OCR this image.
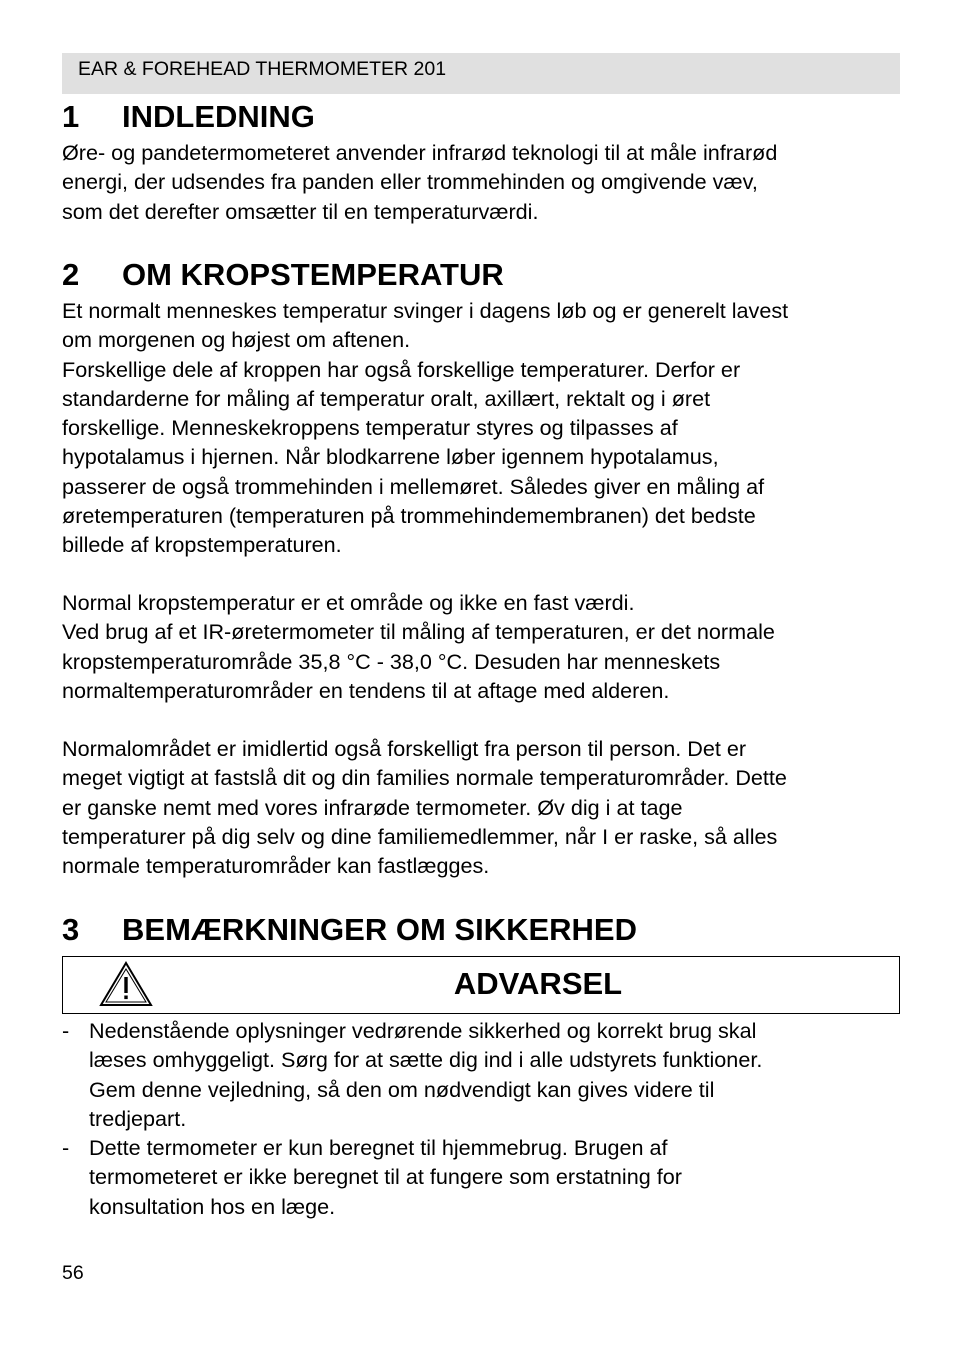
EAR & FOREHEAD THERMOMETER 201
1 INDLEDNING

Øre- og pandetermometeret anvender infrarød teknologi til at måle infrarød

energi, der udsendes fra panden eller trommehinden og omgivende væv,

som det derefter omsætter til en temperaturværdi.

2 OM KROPSTEMPERATUR

Et normalt menneskes temperatur svinger i dagens løb og er generelt lavest

om morgenen og højest om aftenen.

Forskellige dele af kroppen har også forskellige temperaturer. Derfor er

standarderne for måling af temperatur oralt, axillært, rektalt og i øret

forskellige. Menneskekroppens temperatur styres og tilpasses af

hypotalamus i hjernen. Når blodkarrene løber igennem hypotalamus,

passerer de også trommehinden i mellemøret. Således giver en måling af

øretemperaturen (temperaturen på trommehindemembranen) det bedste

billede af kropstemperaturen.

Normal kropstemperatur er et område og ikke en fast værdi.

Ved brug af et IR-øretermometer til måling af temperaturen, er det normale

kropstemperaturområde 35,8 °C - 38,0 °C. Desuden har menneskets

normaltemperaturområder en tendens til at aftage med alderen.

Normalområdet er imidlertid også forskelligt fra person til person. Det er

meget vigtigt at fastslå dit og din families normale temperaturområder. Dette

er ganske nemt med vores infrarøde termometer. Øv dig i at tage

temperaturer på dig selv og dine familiemedlemmer, når I er raske, så alles

normale temperaturområder kan fastlægges.

3 BEMÆRKNINGER OM SIKKERHED
ADVARSEL
- Nedenstående oplysninger vedrørende sikkerhed og korrekt brug skal
læses omhyggeligt. Sørg for at sætte dig ind i alle udstyrets funktioner.
Gem denne vejledning, så den om nødvendigt kan gives videre til
tredjepart.
- Dette termometer er kun beregnet til hjemmebrug. Brugen af
termometeret er ikke beregnet til at fungere som erstatning for
konsultation hos en læge.
56
